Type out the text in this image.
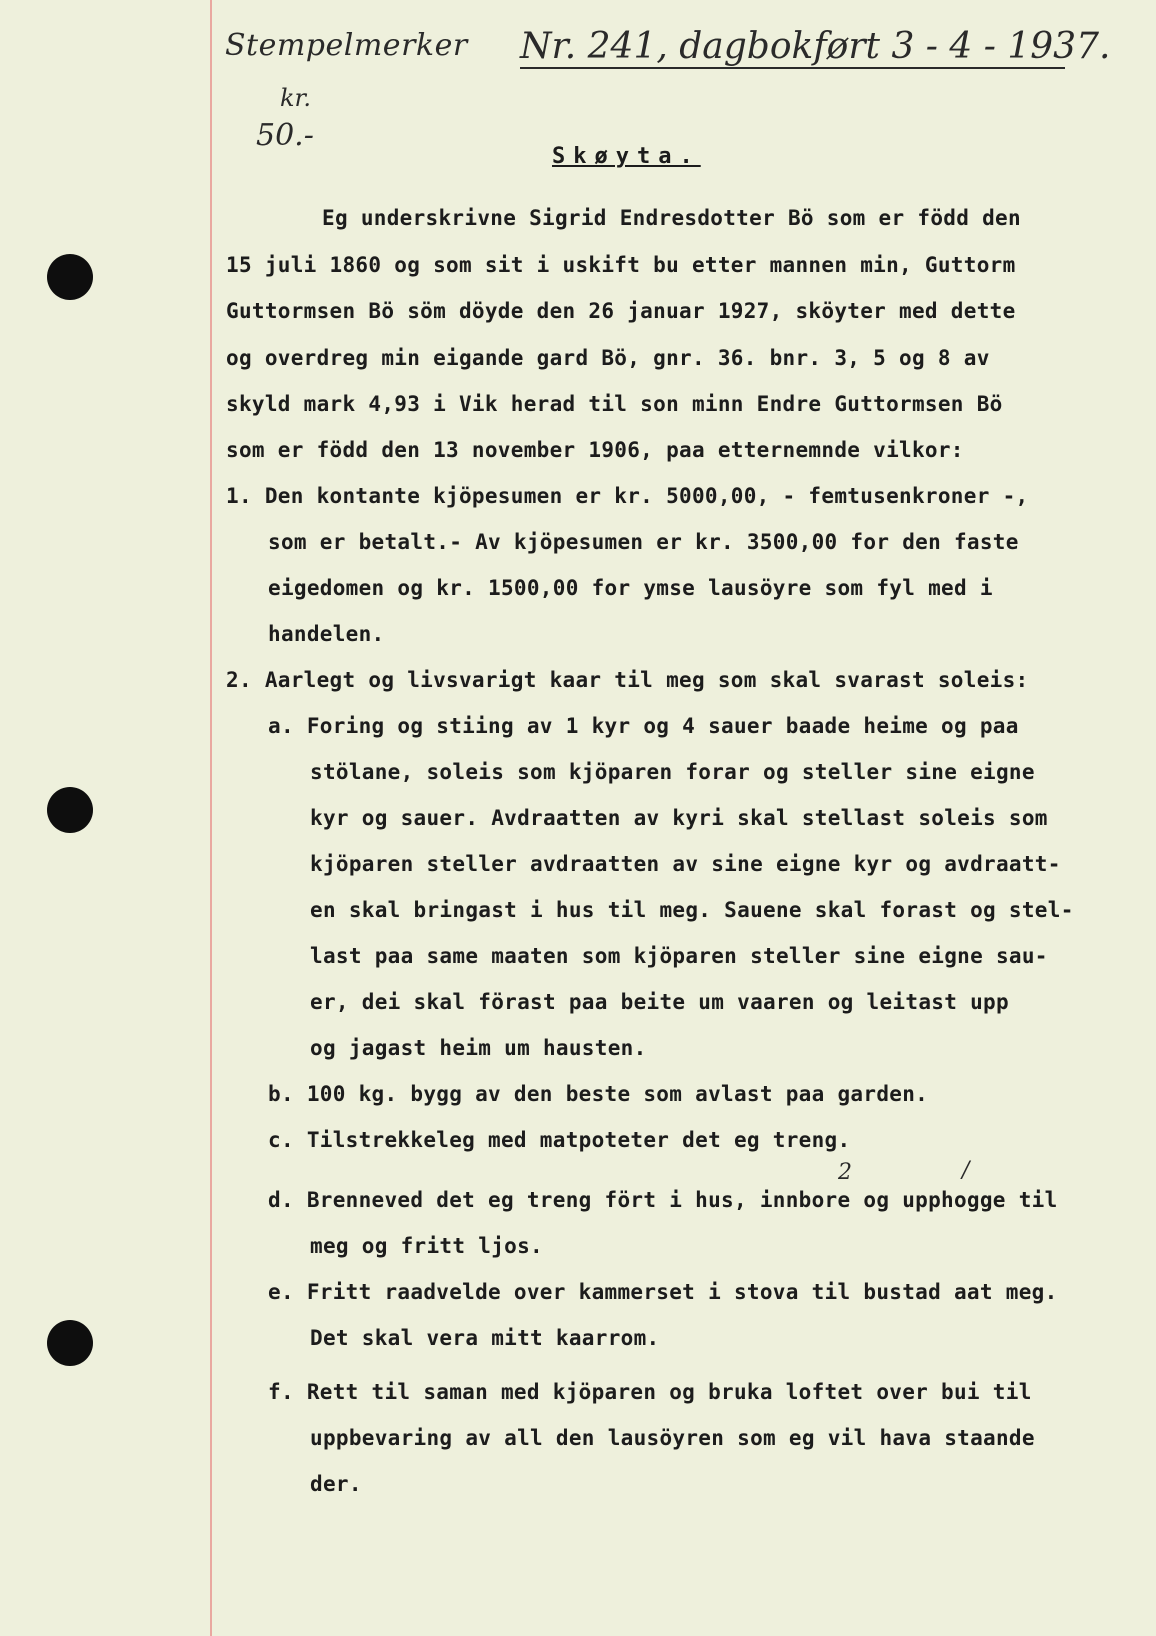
Stempelmerker
kr.
50.-
Nr. 241, dagbokført 3 - 4 - 1937.
Skøyta.
Eg underskrivne Sigrid Endresdotter Bö som er född den
15 juli 1860 og som sit i uskift bu etter mannen min, Guttorm
Guttormsen Bö söm döyde den 26 januar 1927, sköyter med dette
og overdreg min eigande gard Bö, gnr. 36. bnr. 3, 5 og 8 av
skyld mark 4,93 i Vik herad til son minn Endre Guttormsen Bö
som er född den 13 november 1906, paa etternemnde vilkor:
1. Den kontante kjöpesumen er kr. 5000,00, - femtusenkroner -,
som er betalt.- Av kjöpesumen er kr. 3500,00 for den faste
eigedomen og kr. 1500,00 for ymse lausöyre som fyl med i
handelen.
2. Aarlegt og livsvarigt kaar til meg som skal svarast soleis:
a. Foring og stiing av 1 kyr og 4 sauer baade heime og paa
stölane, soleis som kjöparen forar og steller sine eigne
kyr og sauer. Avdraatten av kyri skal stellast soleis som
kjöparen steller avdraatten av sine eigne kyr og avdraatt-
en skal bringast i hus til meg. Sauene skal forast og stel-
last paa same maaten som kjöparen steller sine eigne sau-
er, dei skal förast paa beite um vaaren og leitast upp
og jagast heim um hausten.
b. 100 kg. bygg av den beste som avlast paa garden.
c. Tilstrekkeleg med matpoteter det eg treng.
2	/
d. Brenneved det eg treng fört i hus, innbore og upphogge til
meg og fritt ljos.
e. Fritt raadvelde over kammerset i stova til bustad aat meg.
Det skal vera mitt kaarrom.
f. Rett til saman med kjöparen og bruka loftet over bui til
uppbevaring av all den lausöyren som eg vil hava staande
der.
